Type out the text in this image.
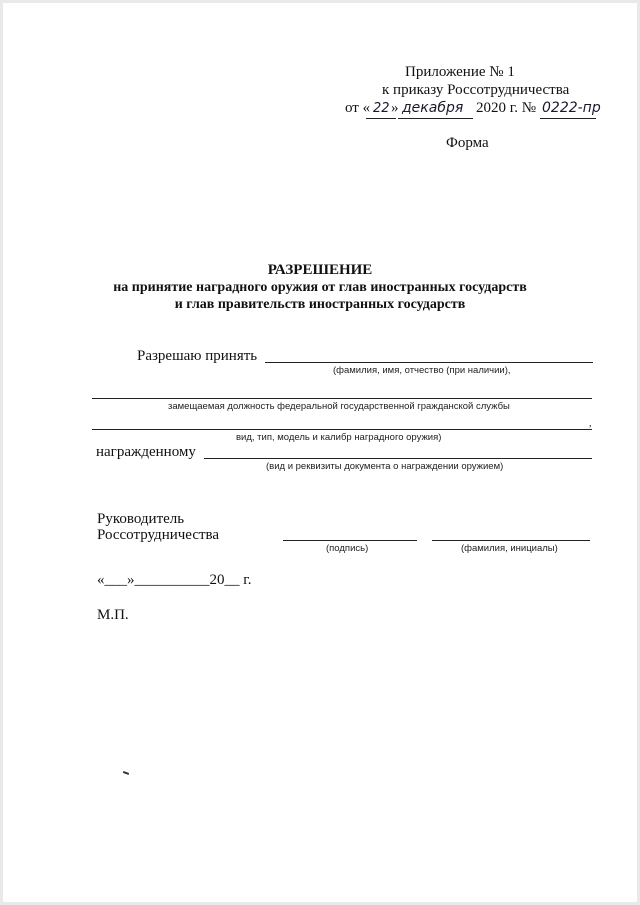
Приложение № 1
к приказу Россотрудничества
от « 22 » декабря 2020 г. № 0222-пр
Форма
РАЗРЕШЕНИЕ
на принятие наградного оружия от глав иностранных государств
и глав правительств иностранных государств
Разрешаю принять
(фамилия, имя, отчество (при наличии),
замещаемая должность федеральной государственной гражданской службы
,
вид, тип, модель и калибр наградного оружия)
награжденному
(вид и реквизиты документа о награждении оружием)
Руководитель
Россотрудничества
(подпись)	(фамилия, инициалы)
«___»__________20__ г.
М.П.
